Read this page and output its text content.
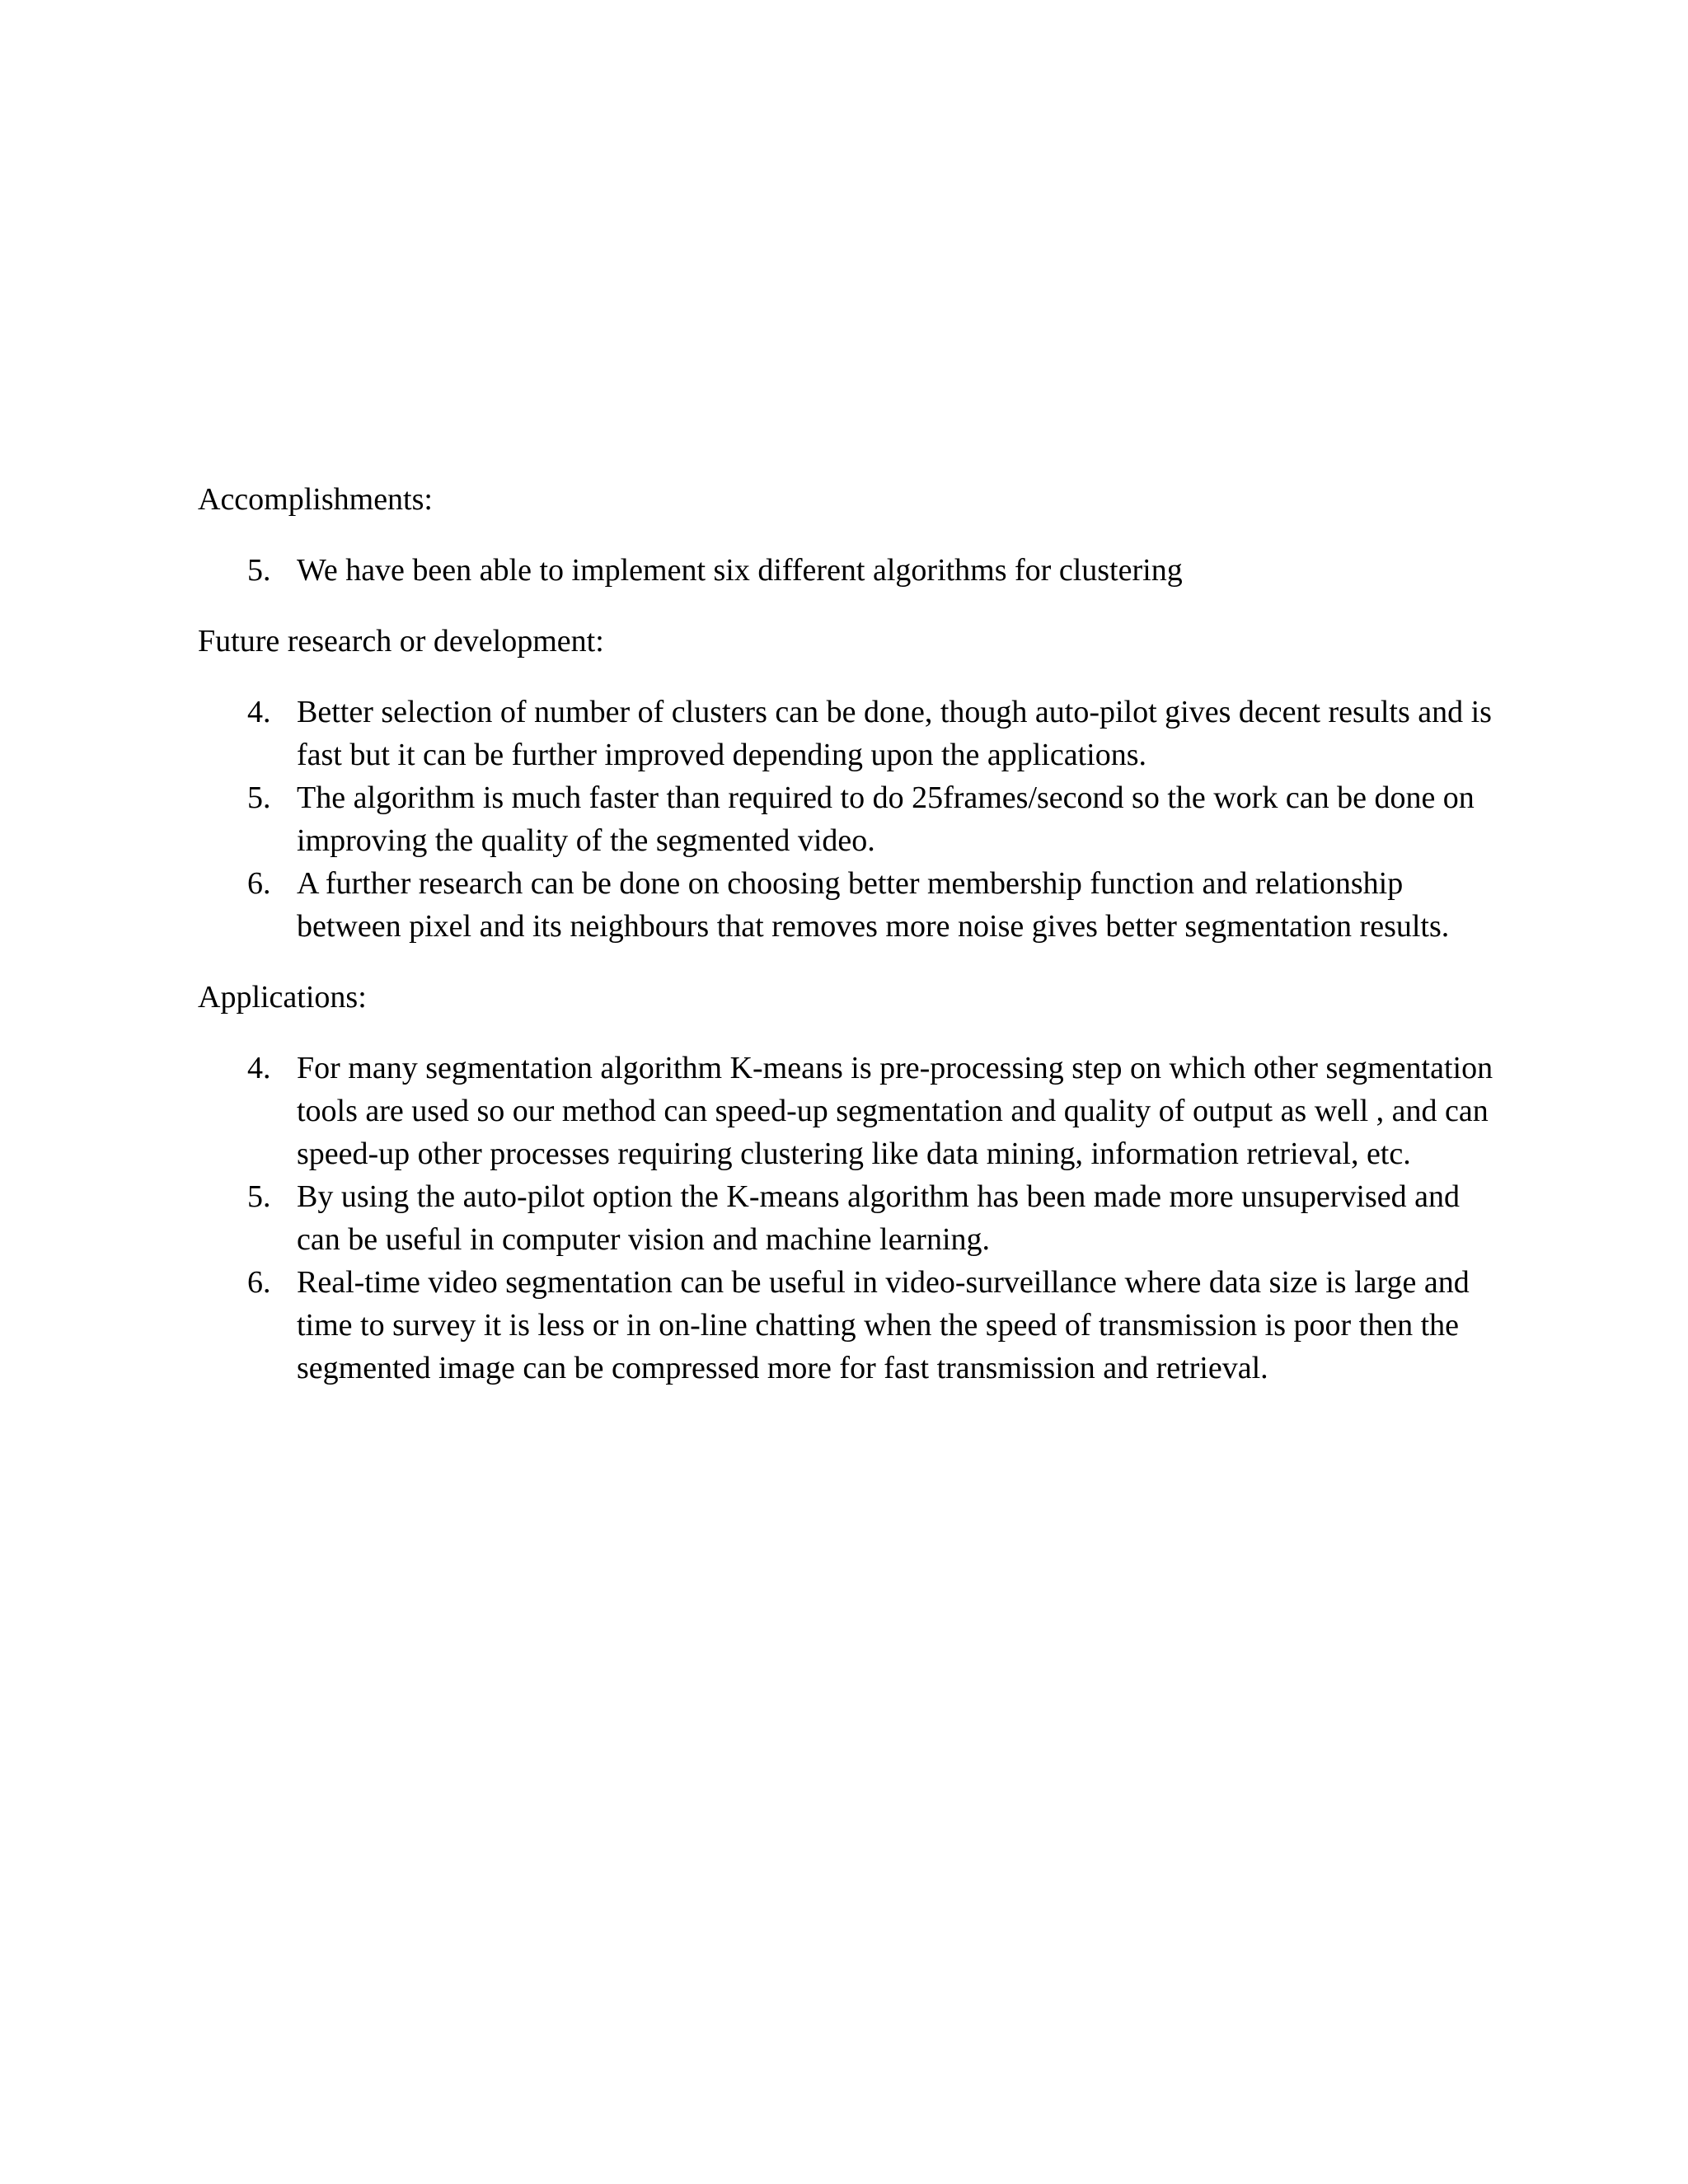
Accomplishments:

5. We have been able to implement six different algorithms for clustering

Future research or development:

4. Better selection of number of clusters can be done, though auto-pilot gives decent results and is fast but it can be further improved depending upon the applications.
5. The algorithm is much faster than required to do 25frames/second so the work can be done on improving the quality of the segmented video.
6. A further research can be done on choosing better membership function and relationship between pixel and its neighbours that removes more noise gives better segmentation results.

Applications:

4. For many segmentation algorithm K-means is pre-processing step on which other segmentation tools are used so our method can speed-up segmentation and quality of output as well , and can speed-up other processes requiring clustering like data mining, information retrieval, etc.
5. By using the auto-pilot option the K-means algorithm has been made more unsupervised and can be useful in computer vision and machine learning.
6. Real-time video segmentation can be useful in video-surveillance where data size is large and time to survey it is less or in on-line chatting when the speed of transmission is poor then the segmented image can be compressed more for fast transmission and retrieval.
